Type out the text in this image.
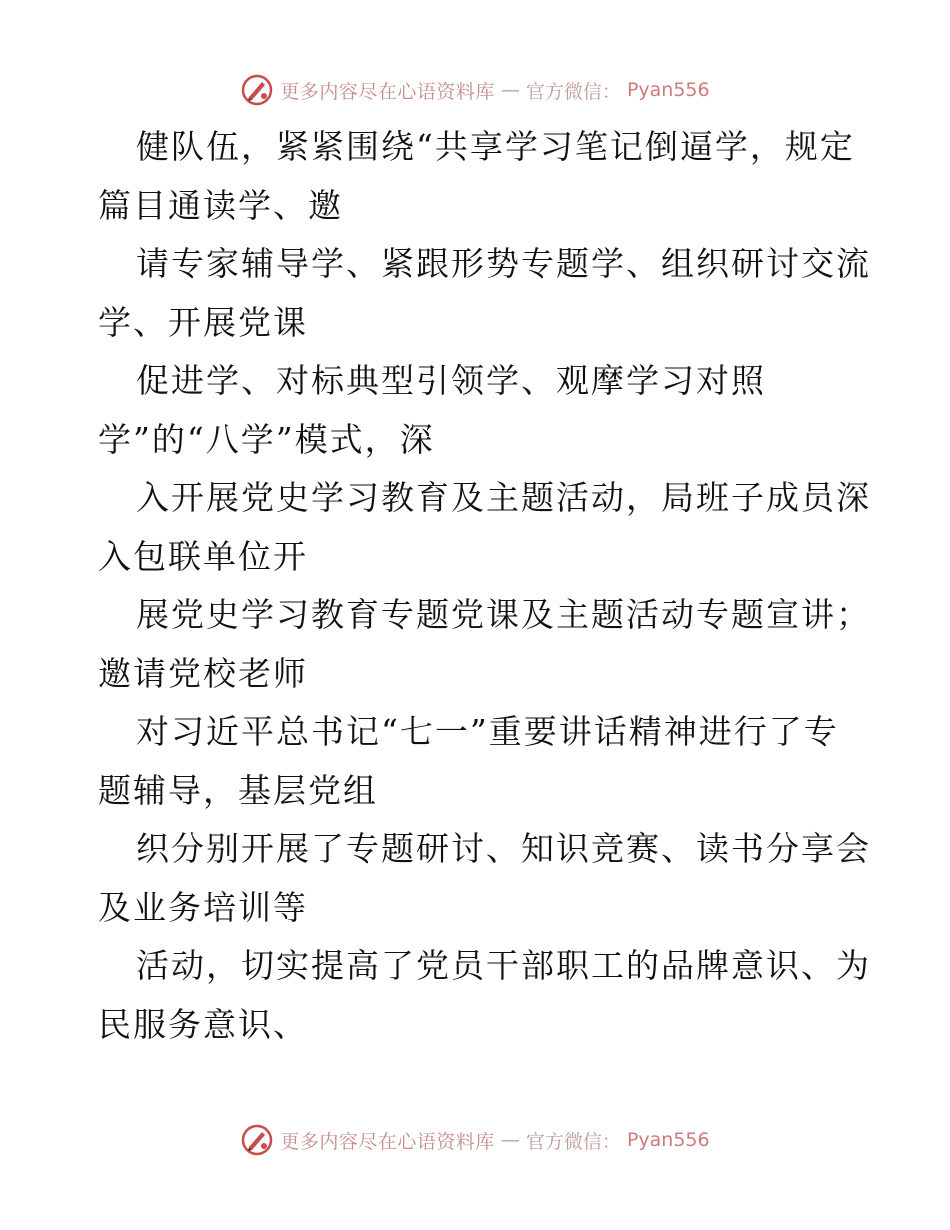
更多内容尽在心语资料库 — 官方微信： Pyan556
健队伍，紧紧围绕“共享学习笔记倒逼学，规定
篇目通读学、邀
请专家辅导学、紧跟形势专题学、组织研讨交流
学、开展党课
促进学、对标典型引领学、观摩学习对照
学”的“八学”模式，深
入开展党史学习教育及主题活动，局班子成员深
入包联单位开
展党史学习教育专题党课及主题活动专题宣讲；
邀请党校老师
对习近平总书记“七一”重要讲话精神进行了专
题辅导，基层党组
织分别开展了专题研讨、知识竞赛、读书分享会
及业务培训等
活动，切实提高了党员干部职工的品牌意识、为
民服务意识、
更多内容尽在心语资料库 — 官方微信： Pyan556
